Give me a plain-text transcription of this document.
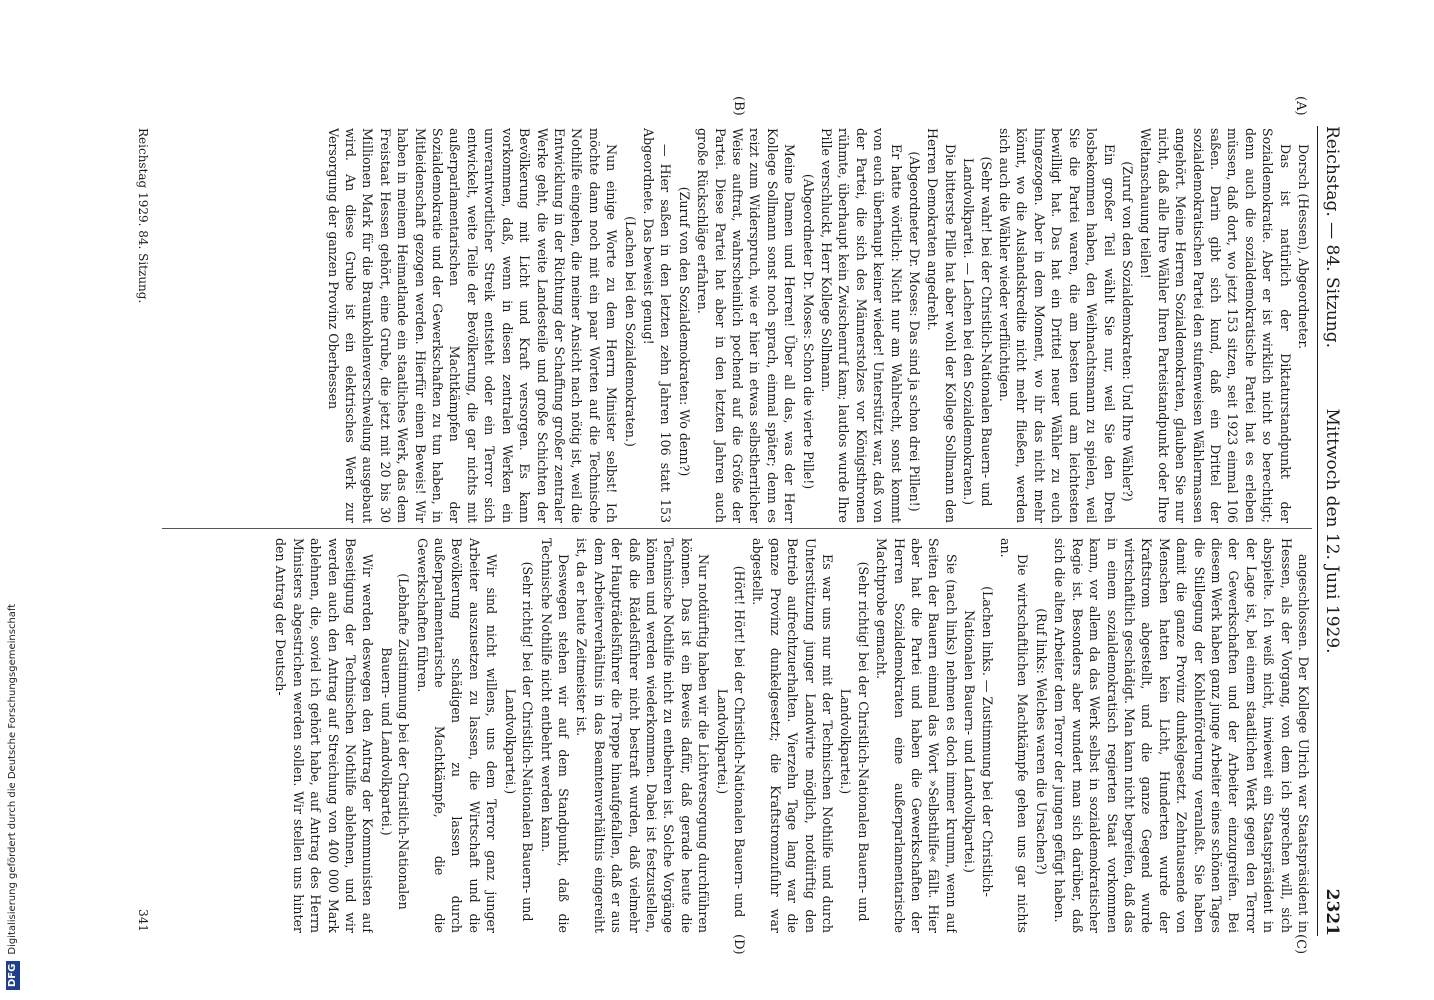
DFGDigitalisierung gefördert durch die Deutsche Forschungsgemeinschaft
Reichstag. — 84. Sitzung.
Mittwoch den 12. Juni 1929.
2321
(A)
(B)
(C)
(D)

Dorsch (Hessen), Abgeordneter.

Das ist natürlich der Diktaturstandpunkt der Sozialdemokratie. Aber er ist wirklich nicht so berechtigt; denn auch die sozialdemokratische Partei hat es erleben müssen, daß dort, wo jetzt 153 sitzen, seit 1923 einmal 106 saßen. Darin gibt sich kund, daß ein Drittel der sozialdemokratischen Partei den stufenweisen Wählermassen angehört. Meine Herren Sozialdemokraten, glauben Sie nur nicht, daß alle Ihre Wähler Ihren Parteistandpunkt oder Ihre Weltanschauung teilen!

(Zuruf von den Sozialdemokraten: Und Ihre Wähler?)

Ein großer Teil wählt Sie nur, weil Sie den Dreh losbekommen haben, den Weihnachtsmann zu spielen, weil Sie die Partei waren, die am besten und am leichtesten bewilligt hat. Das hat ein Drittel neuer Wähler zu euch hingezogen. Aber in dem Moment, wo ihr das nicht mehr könnt, wo die Auslandskredite nicht mehr fließen, werden sich auch die Wähler wieder verflüchtigen.

(Sehr wahr! bei der Christlich-Nationalen Bauern- und Landvolkpartei. — Lachen bei den Sozialdemokraten.)

Die bitterste Pille hat aber wohl der Kollege Sollmann den Herren Demokraten angedreht.

(Abgeordneter Dr. Moses: Das sind ja schon drei Pillen!)

Er hatte wörtlich: Nicht nur am Wahlrecht, sonst kommt von euch überhaupt keiner wieder! Unterstützt war, daß von der Partei, die sich des Männerstolzes vor Königsthronen rühmte, überhaupt kein Zwischenruf kam; lautlos wurde Ihre Pille verschluckt, Herr Kollege Sollmann.

(Abgeordneter Dr. Moses: Schon die vierte Pille!)

Meine Damen und Herren! Über all das, was der Herr Kollege Sollmann sonst noch sprach, einmal später; denn es reizt zum Widerspruch, wie er hier in etwas selbstherrlicher Weise auftrat, wahrscheinlich pochend auf die Größe der Partei. Diese Partei hat aber in den letzten Jahren auch große Rückschläge erfahren.

(Zuruf von den Sozialdemokraten: Wo denn?)

— Hier saßen in den letzten zehn Jahren 106 statt 153 Abgeordnete. Das beweist genug!

(Lachen bei den Sozialdemokraten.)

Nun einige Worte zu dem Herrn Minister selbst! Ich möchte dann noch mit ein paar Worten auf die Technische Nothilfe eingehen, die meiner Ansicht nach nötig ist, weil die Entwicklung in der Richtung der Schaffung großer zentraler Werke geht, die weite Landesteile und große Schichten der Bevölkerung mit Licht und Kraft versorgen. Es kann vorkommen, daß, wenn in diesen zentralen Werken ein unverantwortlicher Streik entsteht oder ein Terror sich entwickelt, weite Teile der Bevölkerung, die gar nichts mit außerparlamentarischen Machtkämpfen der Sozialdemokratie und der Gewerkschaften zu tun haben, in Mitleidenschaft gezogen werden. Hierfür einen Beweis! Wir haben in meinem Heimatlande ein staatliches Werk, das dem Freistaat Hessen gehört, eine Grube, die jetzt mit 20 bis 30 Millionen Mark für die Braunkohlenverschwelung ausgebaut wird. An diese Grube ist ein elektrisches Werk zur Versorgung der ganzen Provinz Oberhessen

angeschlossen. Der Kollege Ulrich war Staatspräsident in Hessen, als der Vorgang, von dem ich sprechen will, sich abspielte. Ich weiß nicht, inwieweit ein Staatspräsident in der Lage ist, bei einem staatlichen Werk gegen den Terror der Gewerkschaften und der Arbeiter einzugreifen. Bei diesem Werk haben ganz junge Arbeiter eines schönen Tages die Stillegung der Kohlenförderung veranlaßt. Sie haben damit die ganze Provinz dunkelgesetzt. Zehntausende von Menschen hatten kein Licht, Hunderten wurde der Kraftstrom abgestellt, und die ganze Gegend wurde wirtschaftlich geschädigt. Man kann nicht begreifen, daß das in einem sozialdemokratisch regierten Staat vorkommen kann, vor allem da das Werk selbst in sozialdemokratischer Regie ist. Besonders aber wundert man sich darüber, daß sich die alten Arbeiter dem Terror der jungen gefügt haben.

(Ruf links: Welches waren die Ursachen?)

Die wirtschaftlichen Machtkämpfe gehen uns gar nichts an.

(Lachen links. — Zustimmung bei der Christlich-Nationalen Bauern- und Landvolkpartei.)

Sie (nach links) nehmen es doch immer krumm, wenn auf Seiten der Bauern einmal das Wort »Selbsthilfe« fällt. Hier aber hat die Partei und haben die Gewerkschaften der Herren Sozialdemokraten eine außerparlamentarische Machtprobe gemacht.

(Sehr richtig! bei der Christlich-Nationalen Bauern- und Landvolkpartei.)

Es war uns nur mit der Technischen Nothilfe und durch Unterstützung junger Landwirte möglich, notdürftig den Betrieb aufrechtzuerhalten. Vierzehn Tage lang war die ganze Provinz dunkelgesetzt; die Kraftstromzufuhr war abgestellt.

(Hört! Hört! bei der Christlich-Nationalen Bauern- und Landvolkpartei.)

Nur notdürftig haben wir die Lichtversorgung durchführen können. Das ist ein Beweis dafür, daß gerade heute die Technische Nothilfe nicht zu entbehren ist. Solche Vorgänge können und werden wiederkommen. Dabei ist festzustellen, daß die Rädelsführer nicht bestraft wurden, daß vielmehr der Haupträdelsführer die Treppe hinaufgefallen, daß er aus dem Arbeiterverhältnis in das Beamtenverhältnis eingereiht ist, da er heute Zeitmeister ist.

Deswegen stehen wir auf dem Standpunkt, daß die Technische Nothilfe nicht entbehrt werden kann.

(Sehr richtig! bei der Christlich-Nationalen Bauern- und Landvolkpartei.)

Wir sind nicht willens, uns dem Terror ganz junger Arbeiter auszusetzen zu lassen, die Wirtschaft und die Bevölkerung schädigen zu lassen durch außerparlamentarische Machtkämpfe, die die Gewerkschaften führen.

(Lebhafte Zustimmung bei der Christlich-Nationalen Bauern- und Landvolkpartei.)

Wir werden deswegen den Antrag der Kommunisten auf Beseitigung der Technischen Nothilfe ablehnen, und wir werden auch den Antrag auf Streichung von 400 000 Mark ablehnen, die, soviel ich gehört habe, auf Antrag des Herrn Ministers abgestrichen werden sollen. Wir stellen uns hinter den Antrag der Deutsch-

Reichstag 1929. 84. Sitzung.
341
